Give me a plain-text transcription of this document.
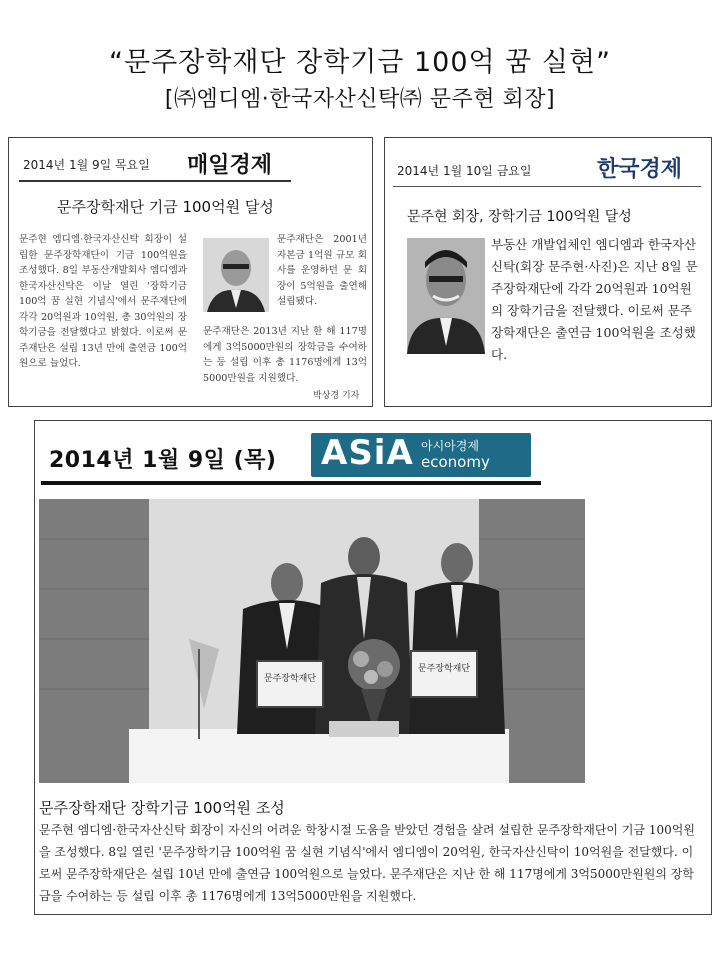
“문주장학재단 장학기금 100억 꿈 실현”
[㈜엠디엠·한국자산신탁㈜ 문주현 회장]
2014년 1월 9일 목요일 매일경제
문주장학재단 기금 100억원 달성
문주현 엠디엠·한국자산신탁 회장이 설립한 문주장학재단이 기금 100억원을 조성했다. 8일 부동산개발회사 엠디엠과 한국자산신탁은 이날 열린 '장학기금 100억 꿈 실현 기념식'에서 문주재단에 각각 20억원과 10억원, 총 30억원의 장학기금을 전달했다고 밝혔다. 이로써 문주재단은 설립 13년 만에 출연금 100억원으로 늘었다.
문주재단은 2001년 자본금 1억원 규모 회사를 운영하던 문 회장이 5억원을 출연해 설립됐다.
문주재단은 2013년 지난 한 해 117명에게 3억5000만원의 장학금을 수여하는 등 설립 이후 총 1176명에게 13억5000만원을 지원했다.
박상경 기자
2014년 1월 10일 금요일	한국경제
문주현 회장, 장학기금 100억원 달성
부동산 개발업체인 엠디엠과 한국자산신탁(회장 문주현·사진)은 지난 8일 문주장학재단에 각각 20억원과 10억원의 장학기금을 전달했다. 이로써 문주장학재단은 출연금 100억원을 조성했다.
2014년 1월 9일 (목) ASiA 아시아경제
economy
문주장학재단
문주장학재단
문주장학재단 장학기금 100억원 조성
문주현 엠디엠·한국자산신탁 회장이 자신의 어려운 학창시절 도움을 받았던 경험을 살려 설립한 문주장학재단이 기금 100억원을 조성했다. 8일 열린 '문주장학기금 100억원 꿈 실현 기념식'에서 엠디엠이 20억원, 한국자산신탁이 10억원을 전달했다. 이로써 문주장학재단은 설립 10년 만에 출연금 100억원으로 늘었다. 문주재단은 지난 한 해 117명에게 3억5000만원원의 장학금을 수여하는 등 설립 이후 총 1176명에게 13억5000만원을 지원했다.
